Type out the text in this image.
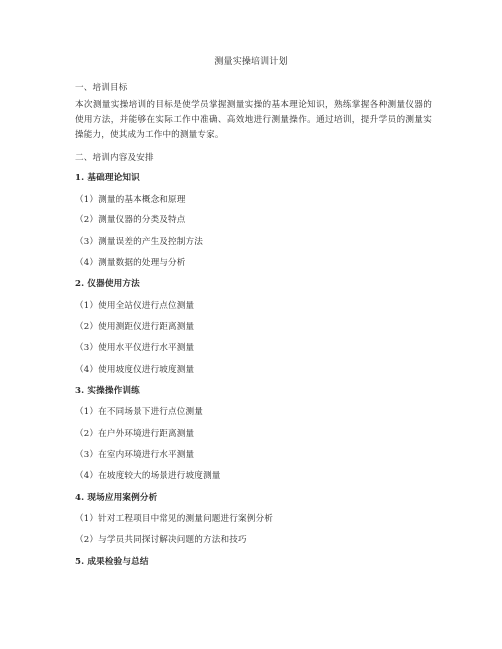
测量实操培训计划
一、培训目标
本次测量实操培训的目标是使学员掌握测量实操的基本理论知识，熟练掌握各种测量仪器的使用方法，并能够在实际工作中准确、高效地进行测量操作。通过培训，提升学员的测量实操能力，使其成为工作中的测量专家。
二、培训内容及安排
1. 基础理论知识
（1）测量的基本概念和原理
（2）测量仪器的分类及特点
（3）测量误差的产生及控制方法
（4）测量数据的处理与分析
2. 仪器使用方法
（1）使用全站仪进行点位测量
（2）使用测距仪进行距离测量
（3）使用水平仪进行水平测量
（4）使用坡度仪进行坡度测量
3. 实操操作训练
（1）在不同场景下进行点位测量
（2）在户外环境进行距离测量
（3）在室内环境进行水平测量
（4）在坡度较大的场景进行坡度测量
4. 现场应用案例分析
（1）针对工程项目中常见的测量问题进行案例分析
（2）与学员共同探讨解决问题的方法和技巧
5. 成果检验与总结
